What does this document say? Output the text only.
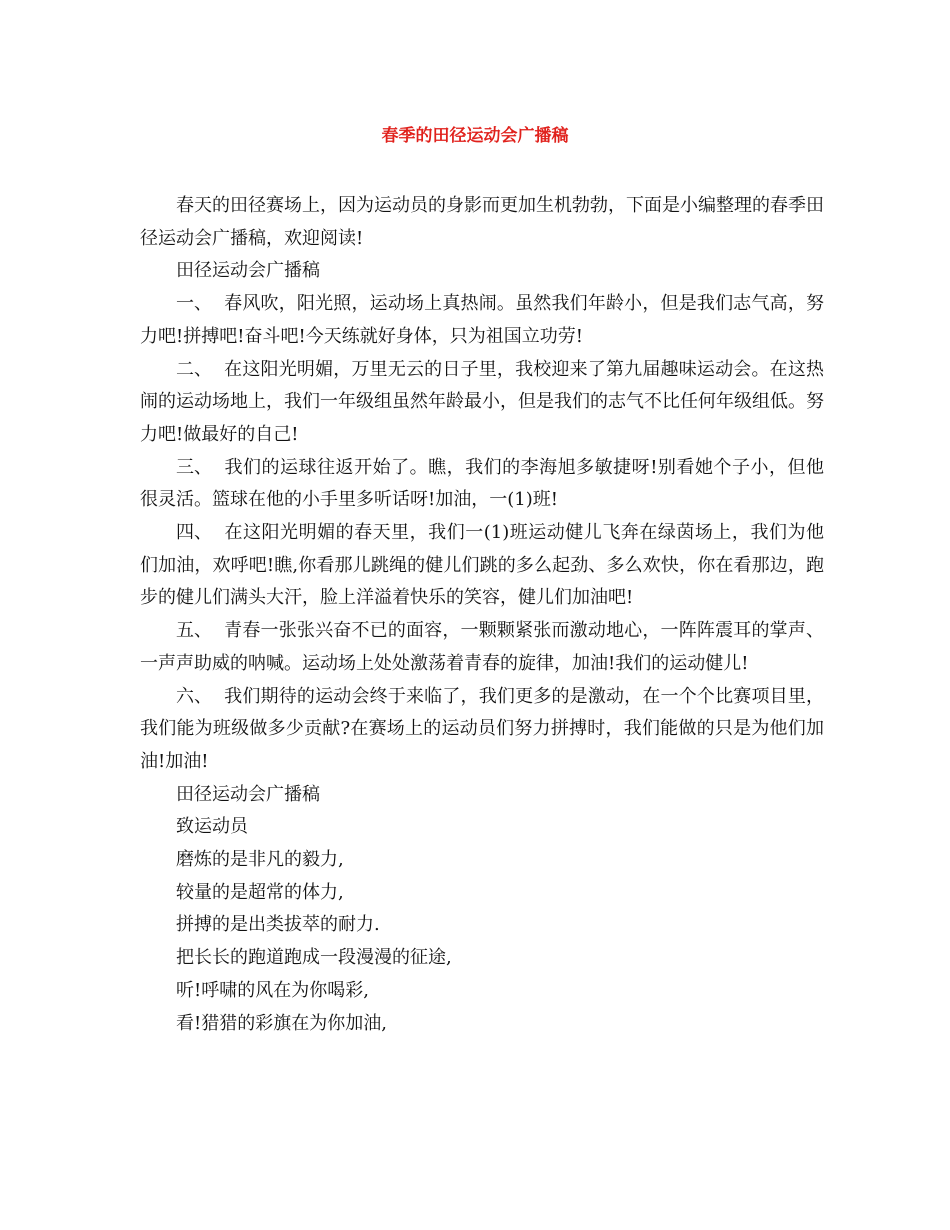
春季的田径运动会广播稿

春天的田径赛场上，因为运动员的身影而更加生机勃勃，下面是小编整理的春季田径运动会广播稿，欢迎阅读!

田径运动会广播稿

一、 春风吹，阳光照，运动场上真热闹。虽然我们年龄小，但是我们志气高，努力吧!拼搏吧!奋斗吧!今天练就好身体，只为祖国立功劳!

二、 在这阳光明媚，万里无云的日子里，我校迎来了第九届趣味运动会。在这热闹的运动场地上，我们一年级组虽然年龄最小，但是我们的志气不比任何年级组低。努力吧!做最好的自己!

三、 我们的运球往返开始了。瞧，我们的李海旭多敏捷呀!别看她个子小，但他很灵活。篮球在他的小手里多听话呀!加油，一(1)班!

四、 在这阳光明媚的春天里，我们一(1)班运动健儿飞奔在绿茵场上，我们为他们加油，欢呼吧!瞧,你看那儿跳绳的健儿们跳的多么起劲、多么欢快，你在看那边，跑步的健儿们满头大汗，脸上洋溢着快乐的笑容，健儿们加油吧!

五、 青春一张张兴奋不已的面容，一颗颗紧张而激动地心，一阵阵震耳的掌声、一声声助威的呐喊。运动场上处处激荡着青春的旋律，加油!我们的运动健儿!

六、 我们期待的运动会终于来临了，我们更多的是激动，在一个个比赛项目里，我们能为班级做多少贡献?在赛场上的运动员们努力拼搏时，我们能做的只是为他们加油!加油!

田径运动会广播稿

致运动员

磨炼的是非凡的毅力,

较量的是超常的体力,

拼搏的是出类拔萃的耐力.

把长长的跑道跑成一段漫漫的征途,

听!呼啸的风在为你喝彩,

看!猎猎的彩旗在为你加油,
